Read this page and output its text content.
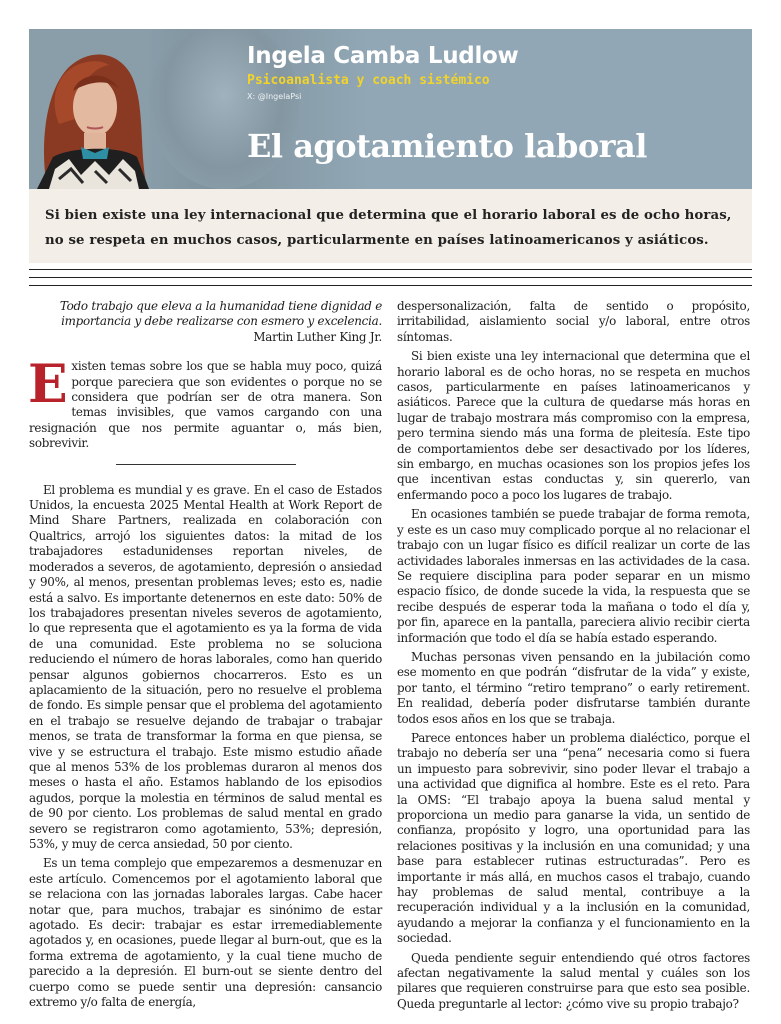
Ingela Camba Ludlow

Psicoanalista y coach sistémico

X: @IngelaPsi

El agotamiento laboral

Si bien existe una ley internacional que determina que el horario laboral es de ocho horas, no se respeta en muchos casos, particularmente en países latinoamericanos y asiáticos.

Todo trabajo que eleva a la humanidad tiene dignidad e importancia y debe realizarse con esmero y excelencia.

Martin Luther King Jr.

Existen temas sobre los que se habla muy poco, quizá porque pareciera que son evidentes o porque no se considera que podrían ser de otra manera. Son temas invisibles, que vamos cargando con una resignación que nos permite aguantar o, más bien, sobrevivir.

El problema es mundial y es grave. En el caso de Estados Unidos, la encuesta 2025 Mental Health at Work Report de Mind Share Partners, realizada en colaboración con Qualtrics, arrojó los siguientes datos: la mitad de los trabajadores estadunidenses reportan niveles, de moderados a severos, de agotamiento, depresión o ansiedad y 90%, al menos, presentan problemas leves; esto es, nadie está a salvo. Es importante detenernos en este dato: 50% de los trabajadores presentan niveles severos de agotamiento, lo que representa que el agotamiento es ya la forma de vida de una comunidad. Este problema no se soluciona reduciendo el número de horas laborales, como han querido pensar algunos gobiernos chocarreros. Esto es un aplacamiento de la situación, pero no resuelve el problema de fondo. Es simple pensar que el problema del agotamiento en el trabajo se resuelve dejando de trabajar o trabajar menos, se trata de transformar la forma en que piensa, se vive y se estructura el trabajo. Este mismo estudio añade que al menos 53% de los problemas duraron al menos dos meses o hasta el año. Estamos hablando de los episodios agudos, porque la molestia en términos de salud mental es de 90 por ciento. Los problemas de salud mental en grado severo se registraron como agotamiento, 53%; depresión, 53%, y muy de cerca ansiedad, 50 por ciento.

Es un tema complejo que empezaremos a desmenuzar en este artículo. Comencemos por el agotamiento laboral que se relaciona con las jornadas laborales largas. Cabe hacer notar que, para muchos, trabajar es sinónimo de estar agotado. Es decir: trabajar es estar irremediablemente agotados y, en ocasiones, puede llegar al burn-out, que es la forma extrema de agotamiento, y la cual tiene mucho de parecido a la depresión. El burn-out se siente dentro del cuerpo como se puede sentir una depresión: cansancio extremo y/o falta de energía,

despersonalización, falta de sentido o propósito, irritabilidad, aislamiento social y/o laboral, entre otros síntomas.

Si bien existe una ley internacional que determina que el horario laboral es de ocho horas, no se respeta en muchos casos, particularmente en países latinoamericanos y asiáticos. Parece que la cultura de quedarse más horas en lugar de trabajo mostrara más compromiso con la empresa, pero termina siendo más una forma de pleitesía. Este tipo de comportamientos debe ser desactivado por los líderes, sin embargo, en muchas ocasiones son los propios jefes los que incentivan estas conductas y, sin quererlo, van enfermando poco a poco los lugares de trabajo.

En ocasiones también se puede trabajar de forma remota, y este es un caso muy complicado porque al no relacionar el trabajo con un lugar físico es difícil realizar un corte de las actividades laborales inmersas en las actividades de la casa. Se requiere disciplina para poder separar en un mismo espacio físico, de donde sucede la vida, la respuesta que se recibe después de esperar toda la mañana o todo el día y, por fin, aparece en la pantalla, pareciera alivio recibir cierta información que todo el día se había estado esperando.

Muchas personas viven pensando en la jubilación como ese momento en que podrán “disfrutar de la vida” y existe, por tanto, el término “retiro temprano” o early retirement. En realidad, debería poder disfrutarse también durante todos esos años en los que se trabaja.

Parece entonces haber un problema dialéctico, porque el trabajo no debería ser una “pena” necesaria como si fuera un impuesto para sobrevivir, sino poder llevar el trabajo a una actividad que dignifica al hombre. Este es el reto. Para la OMS: “El trabajo apoya la buena salud mental y proporciona un medio para ganarse la vida, un sentido de confianza, propósito y logro, una oportunidad para las relaciones positivas y la inclusión en una comunidad; y una base para establecer rutinas estructuradas”. Pero es importante ir más allá, en muchos casos el trabajo, cuando hay problemas de salud mental, contribuye a la recuperación individual y a la inclusión en la comunidad, ayudando a mejorar la confianza y el funcionamiento en la sociedad.

Queda pendiente seguir entendiendo qué otros factores afectan negativamente la salud mental y cuáles son los pilares que requieren construirse para que esto sea posible. Queda preguntarle al lector: ¿cómo vive su propio trabajo?
